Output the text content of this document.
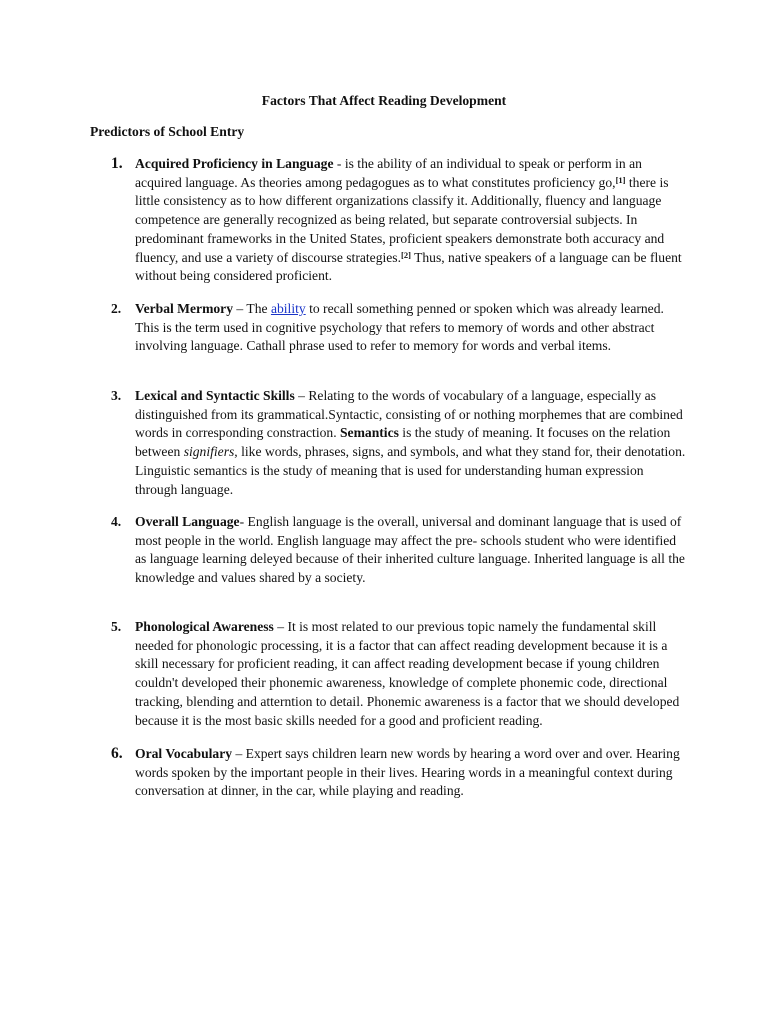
Factors That Affect Reading Development
Predictors of School Entry
1. Acquired Proficiency in Language - is the ability of an individual to speak or perform in an acquired language. As theories among pedagogues as to what constitutes proficiency go,[1] there is little consistency as to how different organizations classify it. Additionally, fluency and language competence are generally recognized as being related, but separate controversial subjects. In predominant frameworks in the United States, proficient speakers demonstrate both accuracy and fluency, and use a variety of discourse strategies.[2] Thus, native speakers of a language can be fluent without being considered proficient.
2. Verbal Mermory – The ability to recall something penned or spoken which was already learned. This is the term used in cognitive psychology that refers to memory of words and other abstract involving language. Cathall phrase used to refer to memory for words and verbal items.
3. Lexical and Syntactic Skills – Relating to the words of vocabulary of a language, especially as distinguished from its grammatical.Syntactic, consisting of or nothing morphemes that are combined words in corresponding constraction. Semantics is the study of meaning. It focuses on the relation between signifiers, like words, phrases, signs, and symbols, and what they stand for, their denotation. Linguistic semantics is the study of meaning that is used for understanding human expression through language.
4. Overall Language- English language is the overall, universal and dominant language that is used of most people in the world. English language may affect the pre- schools student who were identified as language learning deleyed because of their inherited culture language. Inherited language is all the knowledge and values shared by a society.
5. Phonological Awareness – It is most related to our previous topic namely the fundamental skill needed for phonologic processing, it is a factor that can affect reading development because it is a skill necessary for proficient reading, it can affect reading development becase if young children couldn't developed their phonemic awareness, knowledge of complete phonemic code, directional tracking, blending and atterntion to detail. Phonemic awareness is a factor that we should developed because it is the most basic skills needed for a good and proficient reading.
6. Oral Vocabulary – Expert says children learn new words by hearing a word over and over. Hearing words spoken by the important people in their lives. Hearing words in a meaningful context during conversation at dinner, in the car, while playing and reading.
